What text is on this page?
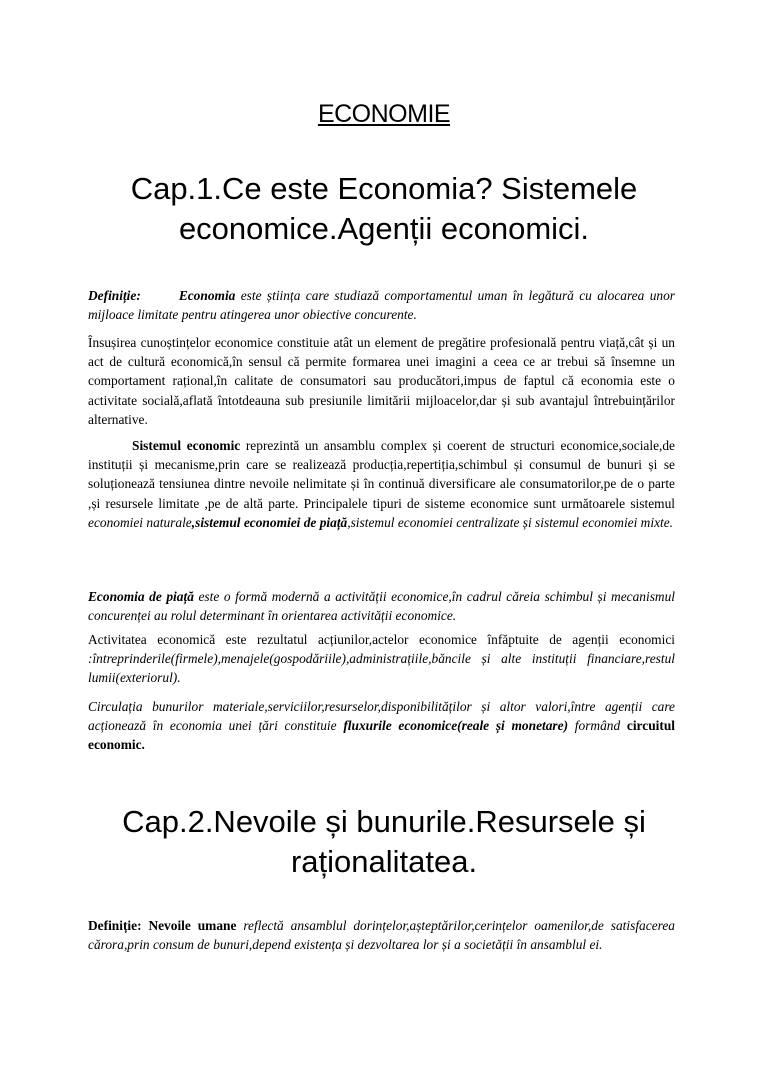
ECONOMIE
Cap.1.Ce este Economia? Sistemele
economice.Agenții economici.

Definiție:	Economia este știința care studiază comportamentul uman în legătură cu alocarea unor mijloace limitate pentru atingerea unor obiective concurente.

Însușirea cunoștințelor economice constituie atât un element de pregătire profesională pentru viață,cât și un act de cultură economică,în sensul că permite formarea unei imagini a ceea ce ar trebui să însemne un comportament rațional,în calitate de consumatori sau producători,impus de faptul că economia este o activitate socială,aflată întotdeauna sub presiunile limitării mijloacelor,dar și sub avantajul întrebuințărilor alternative.

Sistemul economic reprezintă un ansamblu complex și coerent de structuri economice,sociale,de instituții și mecanisme,prin care se realizează producția,repertiția,schimbul și consumul de bunuri și se soluționează tensiunea dintre nevoile nelimitate și în continuă diversificare ale consumatorilor,pe de o parte ,și resursele limitate ,pe de altă parte. Principalele tipuri de sisteme economice sunt următoarele sistemul economiei naturale,sistemul economiei de piață,sistemul economiei centralizate și sistemul economiei mixte.

Economia de piață este o formă modernă a activității economice,în cadrul căreia schimbul și mecanismul concurenței au rolul determinant în orientarea activității economice.

Activitatea economică este rezultatul acțiunilor,actelor economice înfăptuite de agenții economici :întreprinderile(firmele),menajele(gospodăriile),administrațiile,băncile și alte instituții financiare,restul lumii(exteriorul).

Circulația bunurilor materiale,serviciilor,resurselor,disponibilităților și altor valori,între agenții care acționează în economia unei țări constituie fluxurile economice(reale și monetare) formând circuitul economic.

Cap.2.Nevoile și bunurile.Resursele și
raționalitatea.

Definiție: Nevoile umane reflectă ansamblul dorințelor,așteptărilor,cerințelor oamenilor,de satisfacerea cărora,prin consum de bunuri,depend existența și dezvoltarea lor și a societății în ansamblul ei.
